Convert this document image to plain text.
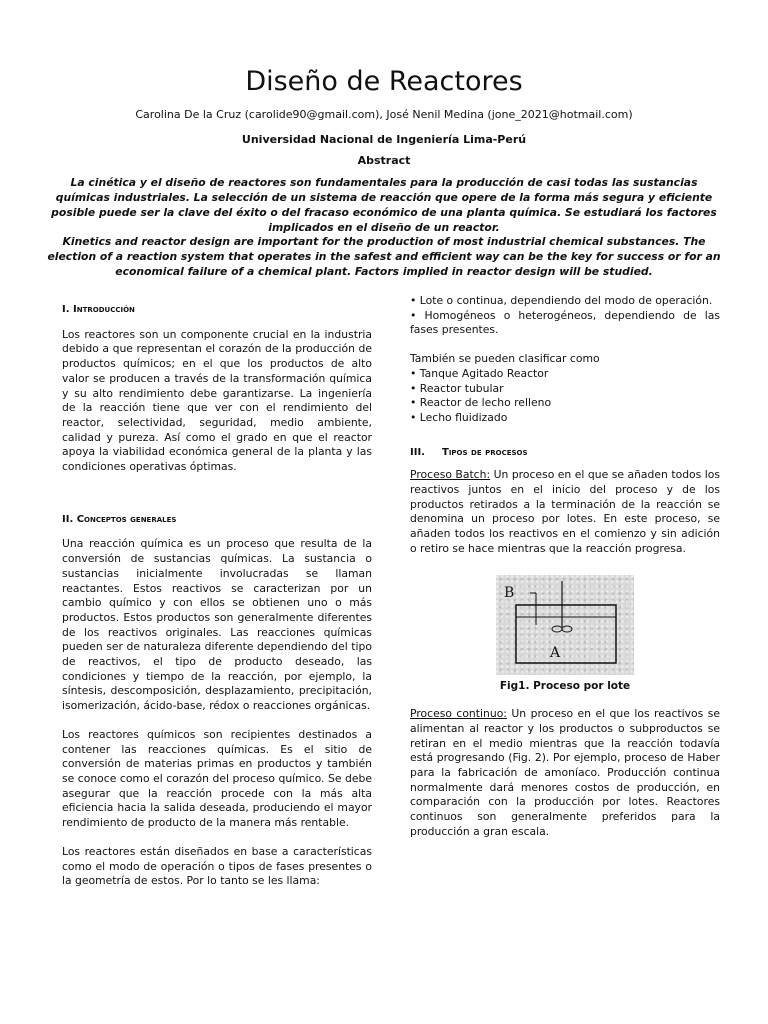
Diseño de Reactores

Carolina De la Cruz (carolide90@gmail.com), José Nenil Medina (jone_2021@hotmail.com)

Universidad Nacional de Ingeniería Lima-Perú

Abstract

La cinética y el diseño de reactores son fundamentales para la producción de casi todas las sustancias químicas industriales. La selección de un sistema de reacción que opere de la forma más segura y eficiente posible puede ser la clave del éxito o del fracaso económico de una planta química. Se estudiará los factores implicados en el diseño de un reactor.

Kinetics and reactor design are important for the production of most industrial chemical substances. The election of a reaction system that operates in the safest and efficient way can be the key for success or for an economical failure of a chemical plant. Factors implied in reactor design will be studied.

I. Introducción

Los reactores son un componente crucial en la industria debido a que representan el corazón de la producción de productos químicos; en el que los productos de alto valor se producen a través de la transformación química y su alto rendimiento debe garantizarse. La ingeniería de la reacción tiene que ver con el rendimiento del reactor, selectividad, seguridad, medio ambiente, calidad y pureza. Así como el grado en que el reactor apoya la viabilidad económica general de la planta y las condiciones operativas óptimas.

II. Conceptos generales

Una reacción química es un proceso que resulta de la conversión de sustancias químicas. La sustancia o sustancias inicialmente involucradas se llaman reactantes. Estos reactivos se caracterizan por un cambio químico y con ellos se obtienen uno o más productos. Estos productos son generalmente diferentes de los reactivos originales. Las reacciones químicas pueden ser de naturaleza diferente dependiendo del tipo de reactivos, el tipo de producto deseado, las condiciones y tiempo de la reacción, por ejemplo, la síntesis, descomposición, desplazamiento, precipitación, isomerización, ácido-base, rédox o reacciones orgánicas.

Los reactores químicos son recipientes destinados a contener las reacciones químicas. Es el sitio de conversión de materias primas en productos y también se conoce como el corazón del proceso químico. Se debe asegurar que la reacción procede con la más alta eficiencia hacia la salida deseada, produciendo el mayor rendimiento de producto de la manera más rentable.

Los reactores están diseñados en base a características como el modo de operación o tipos de fases presentes o la geometría de estos. Por lo tanto se les llama:

• Lote o continua, dependiendo del modo de operación.
• Homogéneos o heterogéneos, dependiendo de las fases presentes.

También se pueden clasificar como

• Tanque Agitado Reactor
• Reactor tubular
• Reactor de lecho relleno
• Lecho fluidizado
III.	Tipos de procesos

Proceso Batch: Un proceso en el que se añaden todos los reactivos juntos en el inicio del proceso y de los productos retirados a la terminación de la reacción se denomina un proceso por lotes. En este proceso, se añaden todos los reactivos en el comienzo y sin adición o retiro se hace mientras que la reacción progresa.

B
A

Fig1. Proceso por lote

Proceso continuo: Un proceso en el que los reactivos se alimentan al reactor y los productos o subproductos se retiran en el medio mientras que la reacción todavía está progresando (Fig. 2). Por ejemplo, proceso de Haber para la fabricación de amoníaco. Producción continua normalmente dará menores costos de producción, en comparación con la producción por lotes. Reactores continuos son generalmente preferidos para la producción a gran escala.
